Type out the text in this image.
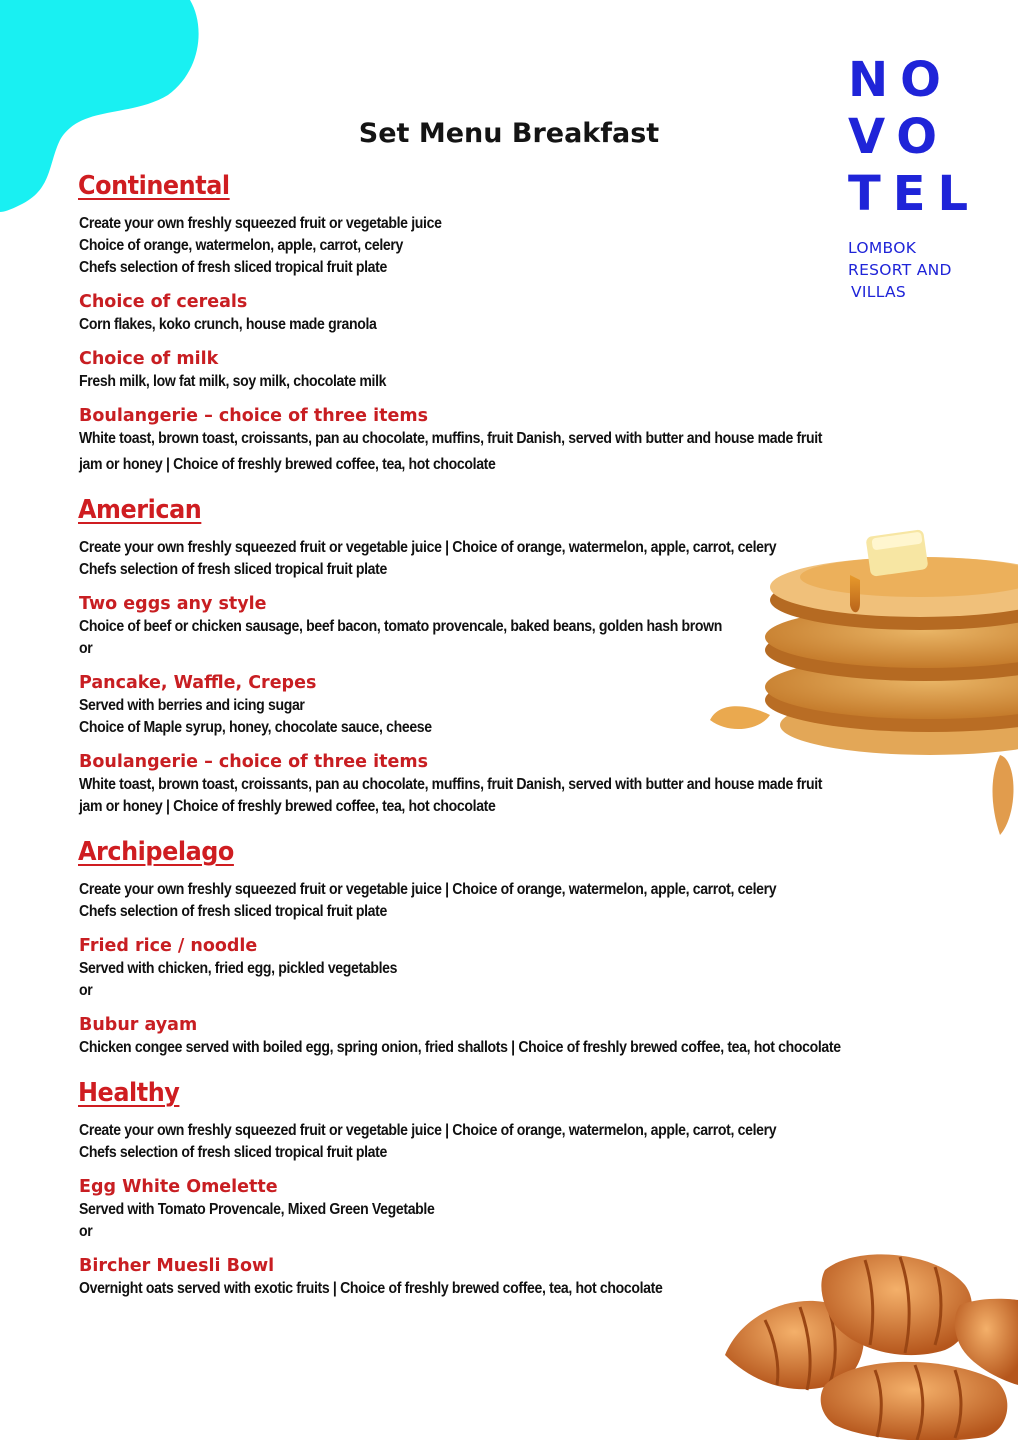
NO
VO
TEL
LOMBOK
RESORT AND
VILLAS
Set Menu Breakfast
Continental

Create your own freshly squeezed fruit or vegetable juice

Choice of orange, watermelon, apple, carrot, celery

Chefs selection of fresh sliced tropical fruit plate

Choice of cereals

Corn flakes, koko crunch, house made granola

Choice of milk

Fresh milk, low fat milk, soy milk, chocolate milk

Boulangerie – choice of three items

White toast, brown toast, croissants, pan au chocolate, muffins, fruit Danish, served with butter and house made fruit

jam or honey | Choice of freshly brewed coffee, tea, hot chocolate

American

Create your own freshly squeezed fruit or vegetable juice | Choice of orange, watermelon, apple, carrot, celery

Chefs selection of fresh sliced tropical fruit plate

Two eggs any style

Choice of beef or chicken sausage, beef bacon, tomato provencale, baked beans, golden hash brown

or

Pancake, Waffle, Crepes

Served with berries and icing sugar

Choice of Maple syrup, honey, chocolate sauce, cheese

Boulangerie – choice of three items

White toast, brown toast, croissants, pan au chocolate, muffins, fruit Danish, served with butter and house made fruit

jam or honey | Choice of freshly brewed coffee, tea, hot chocolate

Archipelago

Create your own freshly squeezed fruit or vegetable juice | Choice of orange, watermelon, apple, carrot, celery

Chefs selection of fresh sliced tropical fruit plate

Fried rice / noodle

Served with chicken, fried egg, pickled vegetables

or

Bubur ayam

Chicken congee served with boiled egg, spring onion, fried shallots | Choice of freshly brewed coffee, tea, hot chocolate

Healthy

Create your own freshly squeezed fruit or vegetable juice | Choice of orange, watermelon, apple, carrot, celery

Chefs selection of fresh sliced tropical fruit plate

Egg White Omelette

Served with Tomato Provencale, Mixed Green Vegetable

or

Bircher Muesli Bowl

Overnight oats served with exotic fruits | Choice of freshly brewed coffee, tea, hot chocolate
